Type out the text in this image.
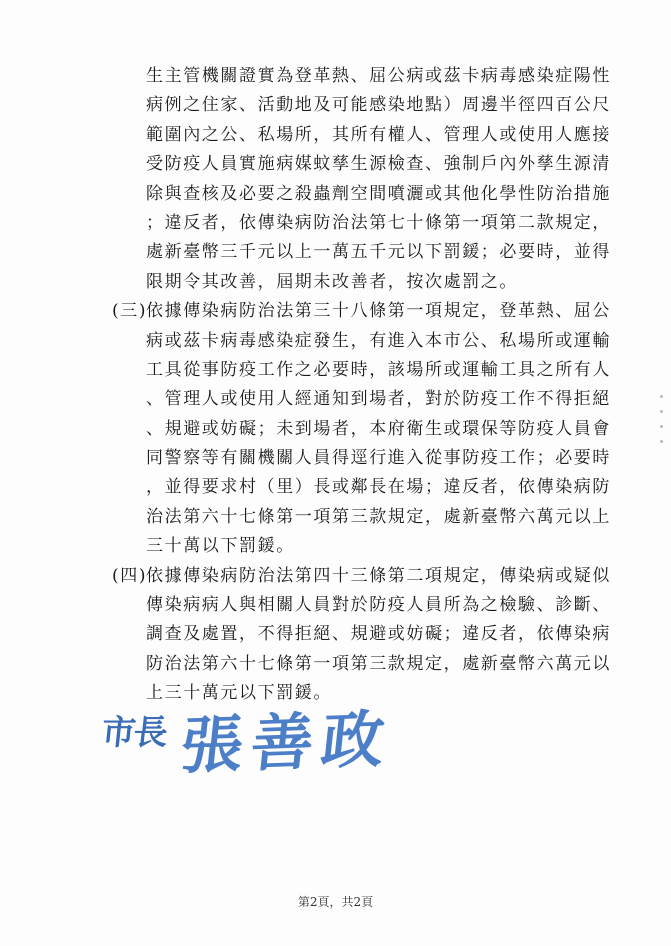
生主管機關證實為登革熱、屈公病或茲卡病毒感染症陽性
病例之住家、活動地及可能感染地點）周邊半徑四百公尺
範圍內之公、私場所，其所有權人、管理人或使用人應接
受防疫人員實施病媒蚊孳生源檢查、強制戶內外孳生源清
除與查核及必要之殺蟲劑空間噴灑或其他化學性防治措施
；違反者，依傳染病防治法第七十條第一項第二款規定，
處新臺幣三千元以上一萬五千元以下罰鍰；必要時，並得
限期令其改善，屆期未改善者，按次處罰之。
(三)
依據傳染病防治法第三十八條第一項規定，登革熱、屈公
病或茲卡病毒感染症發生，有進入本市公、私場所或運輸
工具從事防疫工作之必要時，該場所或運輸工具之所有人
、管理人或使用人經通知到場者，對於防疫工作不得拒絕
、規避或妨礙；未到場者，本府衛生或環保等防疫人員會
同警察等有關機關人員得逕行進入從事防疫工作；必要時
，並得要求村（里）長或鄰長在場；違反者，依傳染病防
治法第六十七條第一項第三款規定，處新臺幣六萬元以上
三十萬以下罰鍰。
(四)
依據傳染病防治法第四十三條第二項規定，傳染病或疑似
傳染病病人與相關人員對於防疫人員所為之檢驗、診斷、
調查及處置，不得拒絕、規避或妨礙；違反者，依傳染病
防治法第六十七條第一項第三款規定，處新臺幣六萬元以
上三十萬元以下罰鍰。
市長 張善政
第2頁，共2頁
